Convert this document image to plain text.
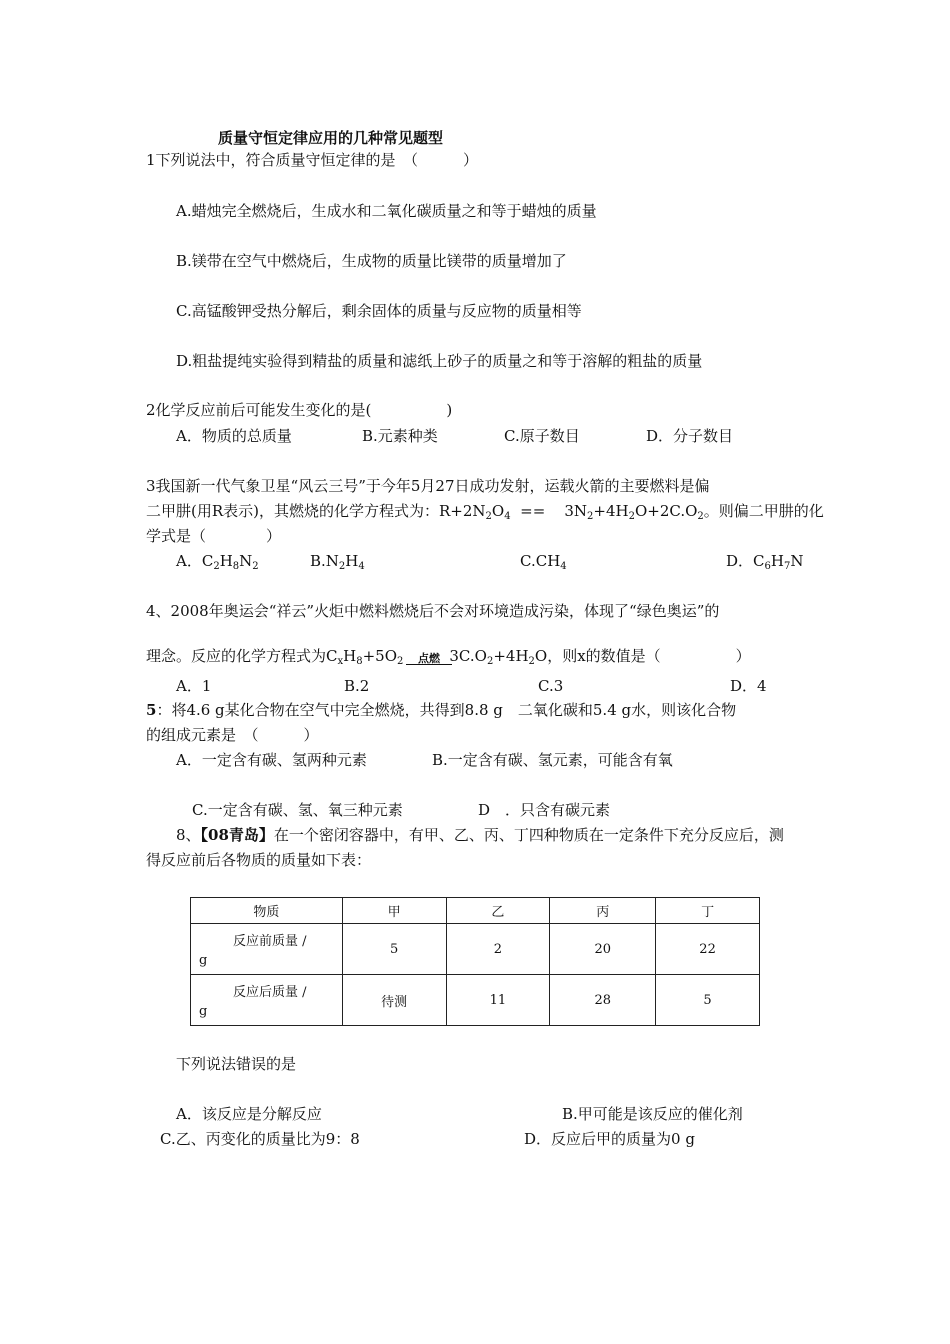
质量守恒定律应用的几种常见题型
1下列说法中，符合质量守恒定律的是　（　　　）
A.蜡烛完全燃烧后，生成水和二氧化碳质量之和等于蜡烛的质量
B.镁带在空气中燃烧后，生成物的质量比镁带的质量增加了
C.高锰酸钾受热分解后，剩余固体的质量与反应物的质量相等
D.粗盐提纯实验得到精盐的质量和滤纸上砂子的质量之和等于溶解的粗盐的质量
2化学反应前后可能发生变化的是(　　　　　)
A．物质的总质量	B.元素种类	C.原子数目	D．分子数目
3我国新一代气象卫星“风云三号”于今年5月27日成功发射，运载火箭的主要燃料是偏
二甲肼(用R表示)，其燃烧的化学方程式为：$R+2N_2O_4 == 3N_2+4H_2O+2C.O_2$。则偏二甲肼的化
学式是（　　　　）
A．$C_2H_8N_2$	$B.N_2H_4$	$C.CH_4$	D．$C_6H_7N$
4、2008年奥运会“祥云”火炬中燃料燃烧后不会对环境造成污染，体现了“绿色奥运”的
点燃
理念。反应的化学方程式为$C_xH_8+5O_2$	$3C.O_2+4H_2O$，则x的数值是（　　　　　）
A．1	B.2	C.3	D．4
5：将4.6 g某化合物在空气中完全燃烧，共得到8.8 g　二氧化碳和5.4 g水，则该化合物
的组成元素是　（　　　）
A．一定含有碳、氢两种元素	B.一定含有碳、氢元素，可能含有氧
C.一定含有碳、氢、氧三种元素	D　．只含有碳元素
8、【08青岛】在一个密闭容器中，有甲、乙、丙、丁四种物质在一定条件下充分反应后，测
得反应前后各物质的质量如下表：
物质	甲	乙	丙	丁

反应前质量 /
g	5	2	20	22

反应后质量 /
g	待测	11	28	5
下列说法错误的是
A．该反应是分解反应	B.甲可能是该反应的催化剂
C.乙、丙变化的质量比为9：8	D．反应后甲的质量为0 g
